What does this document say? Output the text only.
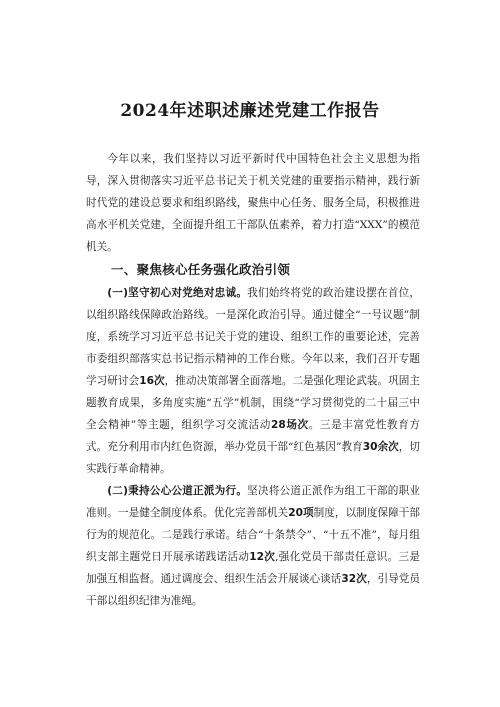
2024年述职述廉述党建工作报告

今年以来，我们坚持以习近平新时代中国特色社会主义思想为指导，深入贯彻落实习近平总书记关于机关党建的重要指示精神，践行新时代党的建设总要求和组织路线，聚焦中心任务、服务全局，积极推进高水平机关党建，全面提升组工干部队伍素养，着力打造“XXX”的模范机关。

一、聚焦核心任务强化政治引领

(一)坚守初心对党绝对忠诚。我们始终将党的政治建设摆在首位，以组织路线保障政治路线。一是深化政治引导。通过健全“一号议题”制度，系统学习习近平总书记关于党的建设、组织工作的重要论述，完善市委组织部落实总书记指示精神的工作台账。今年以来，我们召开专题学习研讨会16次，推动决策部署全面落地。二是强化理论武装。巩固主题教育成果，多角度实施“五学”机制，围绕“学习贯彻党的二十届三中全会精神”等主题，组织学习交流活动28场次。三是丰富党性教育方式。充分利用市内红色资源，举办党员干部“红色基因”教育30余次，切实践行革命精神。

(二)秉持公心公道正派为行。坚决将公道正派作为组工干部的职业准则。一是健全制度体系。优化完善部机关20项制度，以制度保障干部行为的规范化。二是践行承诺。结合“十条禁令”、“十五不准”，每月组织支部主题党日开展承诺践诺活动12次,强化党员干部责任意识。三是加强互相监督。通过调度会、组织生活会开展谈心谈话32次，引导党员干部以组织纪律为准绳。
